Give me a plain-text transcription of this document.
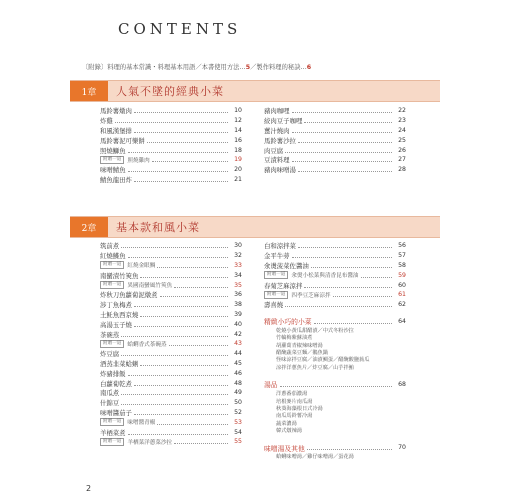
CONTENTS
〔附錄〕料理的基本常識・料理基本用語／本書使用方法…5／製作料理的秘訣…6
1章	人氣不墜的經典小菜
馬鈴薯燉肉	10
炸雞	12
和風漢堡排	14
馬鈴薯泥可樂餅	16
照燒鰤魚	18
附贈一道	照燒雞肉	19
味噌鯖魚	20
鯖魚龍田炸	21
豬肉咖哩	22
絞肉豆子咖哩	23
薑汁燒肉	24
馬鈴薯沙拉	25
肉豆腐	26
豆漬料理	27
豬肉味噌湯	28
2章	基本款和風小菜
筑前煮	30
紅燒鰈魚	32
附贈一道	紅燒金眼鯛	33
南蠻漬竹筴魚	34
附贈一道	異國南蠻風竹筴魚	35
炸秋刀魚蘿蔔泥燉煮	36
涉丁魚梅煮	38
土魠魚西京燒	39
高湯玉子燒	40
茶碗蒸	42
附贈一道	蛤蜊香式茶碗蒸	43
炸豆腐	44
酒蒸韭菜蛤蜊	45
炸豬排飯	46
白蘿蔔乾煮	48
南瓜煮	49
什錦豆	50
味噌醬茄子	52
附贈一道	味噌醬青椒	53
羊栖菜煮	54
附贈一道	羊栖菜洋蔥菜沙拉	55
白和涼拌菜	56
金平牛蒡	57
氽燙菠菜佐醬油	58
附贈一道	氽燙小松菜與清香昆布醬油	59
春菊芝麻涼拌	60
附贈一道	四季豆芝麻涼拌	61
壽喜燒	62
精緻小巧的小菜	64
乾燒小黃瓜甜醋漬／中式冬粉沙拉
竹輪梅紫蘇油煮
胡蘿蔔青椒辣味噌湯
醋醃蔬菜豆麵／鵝魚鍋
怪味涼拌豆腐／油漬鯛蛋／醋醃酸鹽蕎瓜
涼拌洋蔥魚片／炸豆腐／山芋拌鮪
湯品	68
洋蔥番茄濃湯
培根麥片南瓜湯
秋葵海藻根日式冷湯
南瓜馬鈴薯冷湯
蔬菜濃湯
韓式燉辣湯
味噌湯及其他	70
蛤蜊味噌湯／雞仔味噌湯／蛋花湯
2
